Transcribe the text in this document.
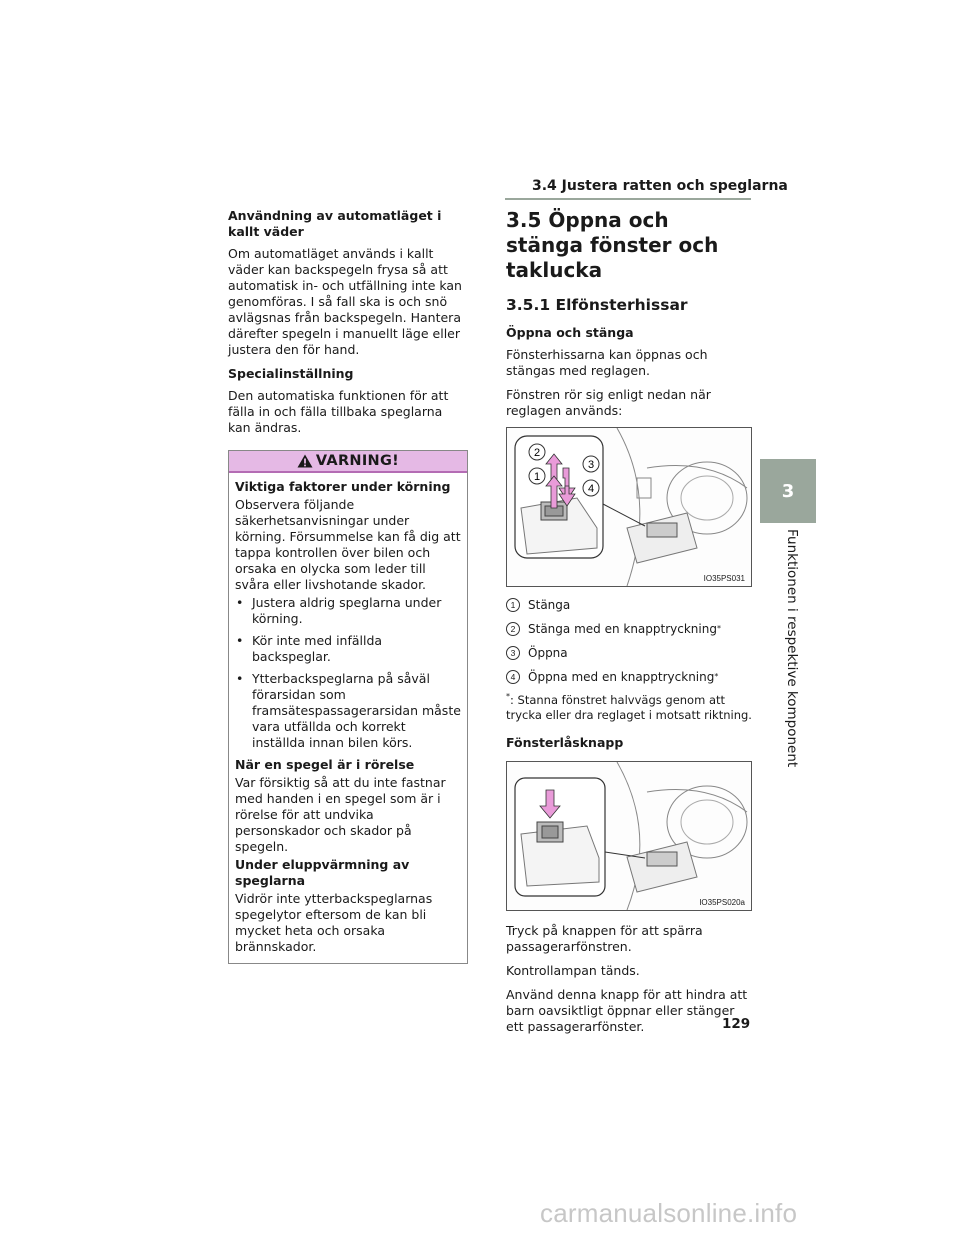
3.4 Justera ratten och speglarna
Användning av automatläget i kallt väder
Om automatläget används i kallt väder kan backspegeln frysa så att automatisk in- och utfällning inte kan genomföras. I så fall ska is och snö avlägsnas från backspegeln. Hantera därefter spegeln i manuellt läge eller justera den för hand.
Specialinställning
Den automatiska funktionen för att fälla in och fälla tillbaka speglarna kan ändras.
VARNING!
Viktiga faktorer under körning
Observera följande säkerhetsanvisningar under körning. Försummelse kan få dig att tappa kontrollen över bilen och orsaka en olycka som leder till svåra eller livshotande skador.
• Justera aldrig speglarna under körning.
• Kör inte med infällda backspeglar.
• Ytterbackspeglarna på såväl förarsidan som framsätespassagerarsidan måste vara utfällda och korrekt inställda innan bilen körs.
När en spegel är i rörelse
Var försiktig så att du inte fastnar med handen i en spegel som är i rörelse för att undvika personskador och skador på spegeln.
Under eluppvärmning av speglarna
Vidrör inte ytterbackspeglarnas spegelytor eftersom de kan bli mycket heta och orsaka brännskador.
3.5 Öppna och stänga fönster och taklucka
3.5.1 Elfönsterhissar
Öppna och stänga
Fönsterhissarna kan öppnas och stängas med reglagen.
Fönstren rör sig enligt nedan när reglagen används:
2
3
1
4
IO35PS031
1	Stänga
2	Stänga med en knapptryckning *
3	Öppna
4	Öppna med en knapptryckning *
*: Stanna fönstret halvvägs genom att trycka eller dra reglaget i motsatt riktning.
Fönsterlåsknapp
IO35PS020a
Tryck på knappen för att spärra passagerarfönstren.
Kontrollampan tänds.
Använd denna knapp för att hindra att barn oavsiktligt öppnar eller stänger ett passagerarfönster.
3
Funktionen i respektive komponent
129
carmanualsonline.info
